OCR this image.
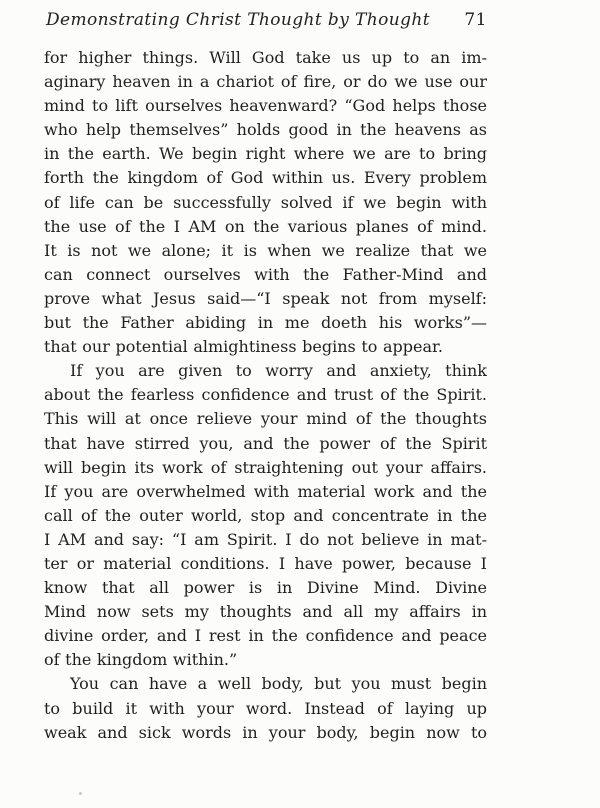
Demonstrating Christ Thought by Thought 71
for higher things. Will God take us up to an im-
aginary heaven in a chariot of fire, or do we use our
mind to lift ourselves heavenward? “God helps those
who help themselves” holds good in the heavens as
in the earth. We begin right where we are to bring
forth the kingdom of God within us. Every problem
of life can be successfully solved if we begin with
the use of the I AM on the various planes of mind.
It is not we alone; it is when we realize that we
can connect ourselves with the Father-Mind and
prove what Jesus said—“I speak not from myself:
but the Father abiding in me doeth his works”—
that our potential almightiness begins to appear.
If you are given to worry and anxiety, think
about the fearless confidence and trust of the Spirit.
This will at once relieve your mind of the thoughts
that have stirred you, and the power of the Spirit
will begin its work of straightening out your affairs.
If you are overwhelmed with material work and the
call of the outer world, stop and concentrate in the
I AM and say: “I am Spirit. I do not believe in mat-
ter or material conditions. I have power, because I
know that all power is in Divine Mind. Divine
Mind now sets my thoughts and all my affairs in
divine order, and I rest in the confidence and peace
of the kingdom within.”
You can have a well body, but you must begin
to build it with your word. Instead of laying up
weak and sick words in your body, begin now to
